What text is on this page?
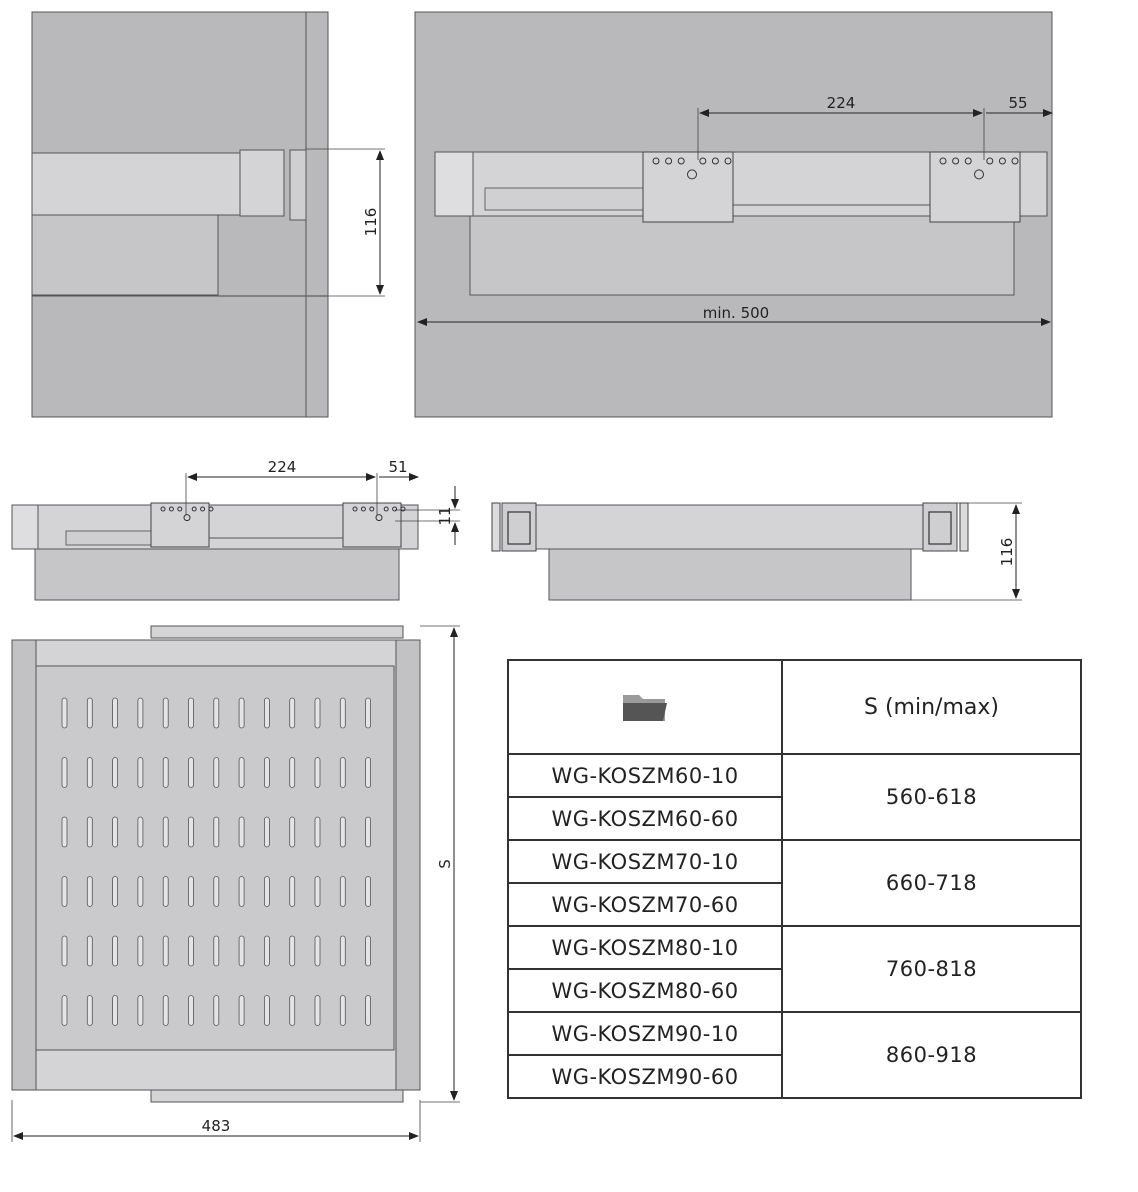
116
224	55
min. 500
224	51
11
116
S
483
	S (min/max)
WG-KOSZM60-10	560-618
WG-KOSZM60-60	
WG-KOSZM70-10	660-718
WG-KOSZM70-60	
WG-KOSZM80-10	760-818
WG-KOSZM80-60	
WG-KOSZM90-10	860-918
WG-KOSZM90-60	
